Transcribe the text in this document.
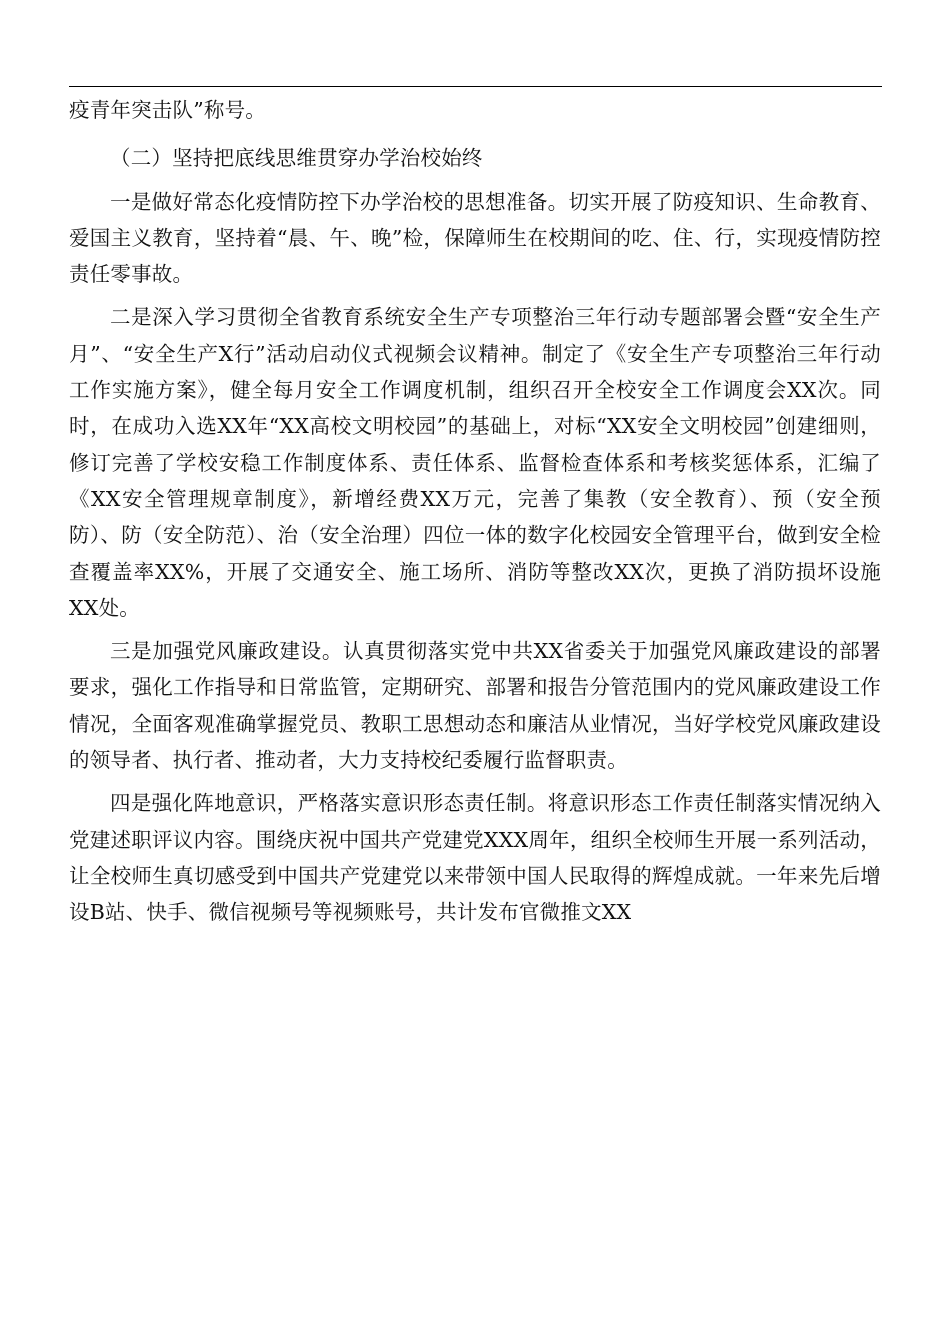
疫青年突击队”称号。

（二）坚持把底线思维贯穿办学治校始终

一是做好常态化疫情防控下办学治校的思想准备。切实开展了防疫知识、生命教育、爱国主义教育，坚持着“晨、午、晚”检，保障师生在校期间的吃、住、行，实现疫情防控责任零事故。

二是深入学习贯彻全省教育系统安全生产专项整治三年行动专题部署会暨“安全生产月”、“安全生产X行”活动启动仪式视频会议精神。制定了《安全生产专项整治三年行动工作实施方案》，健全每月安全工作调度机制，组织召开全校安全工作调度会XX次。同时，在成功入选XX年“XX高校文明校园”的基础上，对标“XX安全文明校园”创建细则，修订完善了学校安稳工作制度体系、责任体系、监督检查体系和考核奖惩体系，汇编了《XX安全管理规章制度》，新增经费XX万元，完善了集教（安全教育）、预（安全预防）、防（安全防范）、治（安全治理）四位一体的数字化校园安全管理平台，做到安全检查覆盖率XX%，开展了交通安全、施工场所、消防等整改XX次，更换了消防损坏设施XX处。

三是加强党风廉政建设。认真贯彻落实党中共XX省委关于加强党风廉政建设的部署要求，强化工作指导和日常监管，定期研究、部署和报告分管范围内的党风廉政建设工作情况，全面客观准确掌握党员、教职工思想动态和廉洁从业情况，当好学校党风廉政建设的领导者、执行者、推动者，大力支持校纪委履行监督职责。

四是强化阵地意识，严格落实意识形态责任制。将意识形态工作责任制落实情况纳入党建述职评议内容。围绕庆祝中国共产党建党XXX周年，组织全校师生开展一系列活动，让全校师生真切感受到中国共产党建党以来带领中国人民取得的辉煌成就。一年来先后增设B站、快手、微信视频号等视频账号，共计发布官微推文XX
